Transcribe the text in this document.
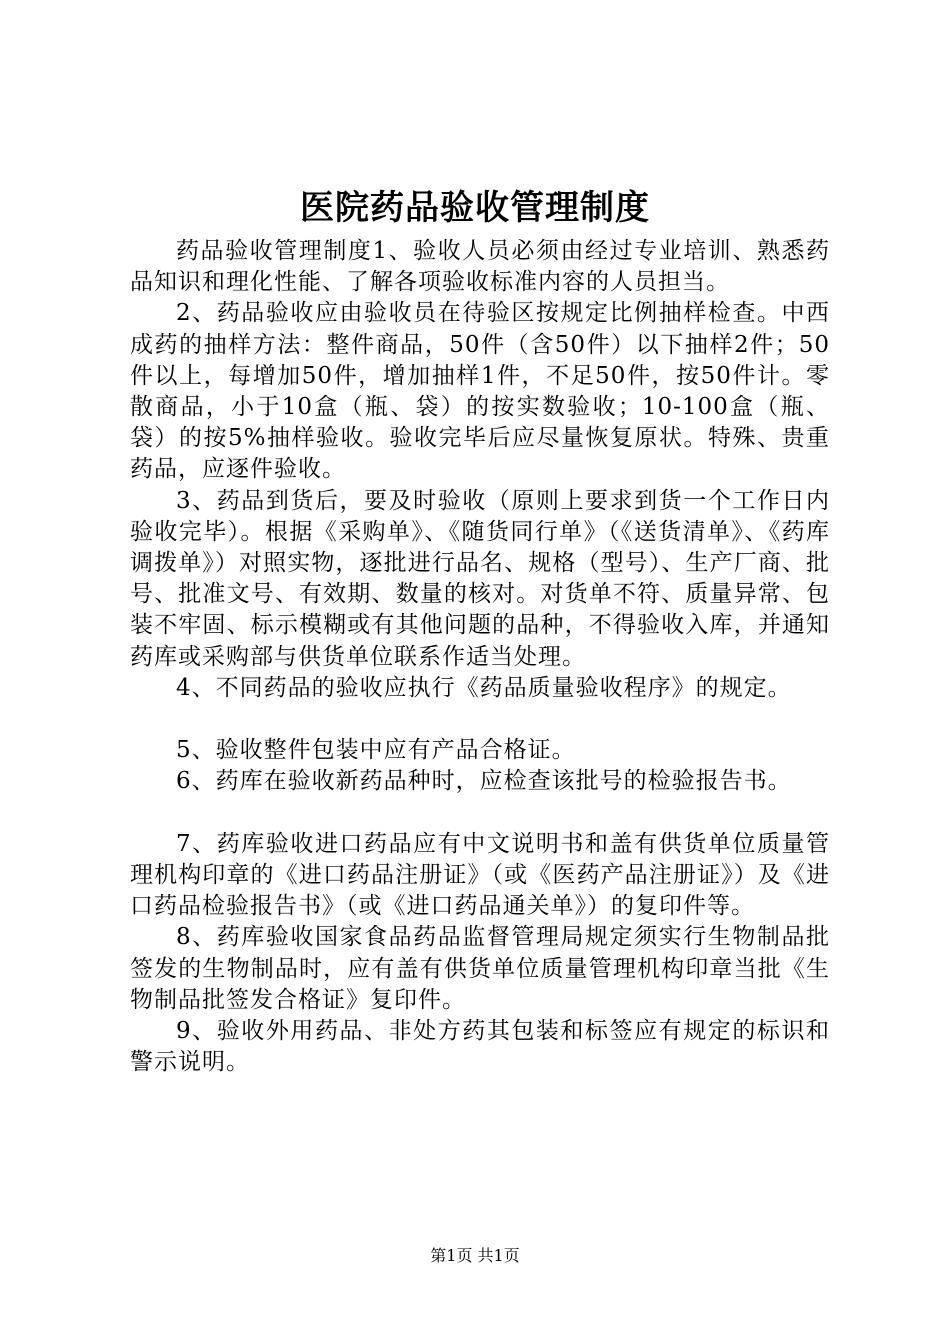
医院药品验收管理制度

药品验收管理制度1、验收人员必须由经过专业培训、熟悉药品知识和理化性能、了解各项验收标准内容的人员担当。

2、药品验收应由验收员在待验区按规定比例抽样检查。中西成药的抽样方法：整件商品，50件（含50件）以下抽样2件；50件以上，每增加50件，增加抽样1件，不足50件，按50件计。零散商品，小于10盒（瓶、袋）的按实数验收；10-100盒（瓶、袋）的按5%抽样验收。验收完毕后应尽量恢复原状。特殊、贵重药品，应逐件验收。

3、药品到货后，要及时验收（原则上要求到货一个工作日内验收完毕）。根据《采购单》、《随货同行单》（《送货清单》、《药库调拨单》）对照实物，逐批进行品名、规格（型号）、生产厂商、批号、批准文号、有效期、数量的核对。对货单不符、质量异常、包装不牢固、标示模糊或有其他问题的品种，不得验收入库，并通知药库或采购部与供货单位联系作适当处理。

4、不同药品的验收应执行《药品质量验收程序》的规定。

5、验收整件包装中应有产品合格证。

6、药库在验收新药品种时，应检查该批号的检验报告书。

7、药库验收进口药品应有中文说明书和盖有供货单位质量管理机构印章的《进口药品注册证》（或《医药产品注册证》）及《进口药品检验报告书》（或《进口药品通关单》）的复印件等。

8、药库验收国家食品药品监督管理局规定须实行生物制品批签发的生物制品时，应有盖有供货单位质量管理机构印章当批《生物制品批签发合格证》复印件。

9、验收外用药品、非处方药其包装和标签应有规定的标识和警示说明。

第1页 共1页
